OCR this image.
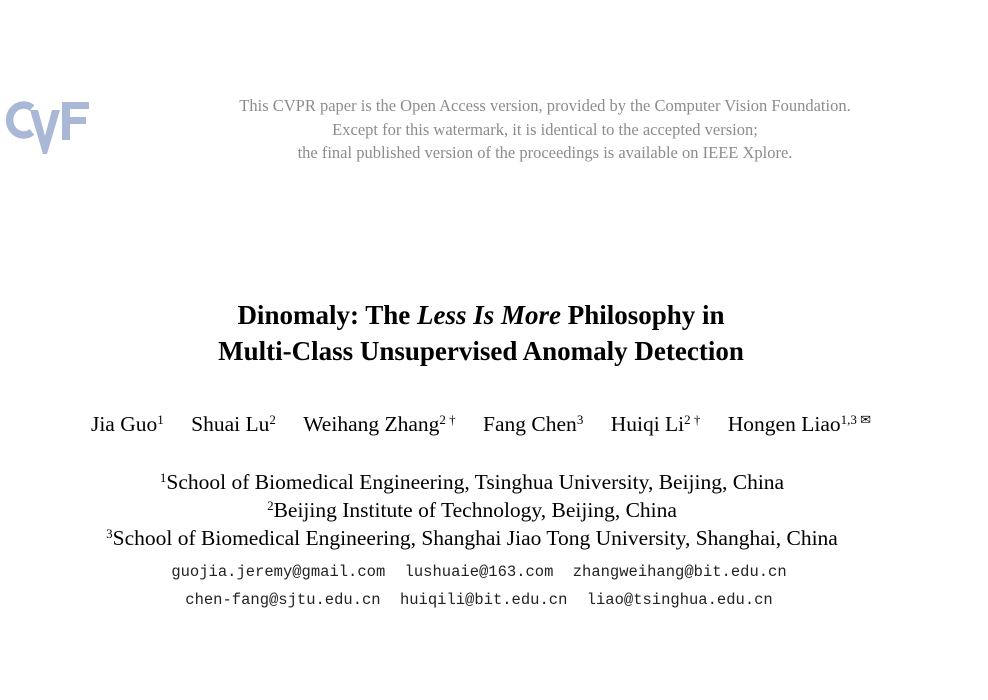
This CVPR paper is the Open Access version, provided by the Computer Vision Foundation.
Except for this watermark, it is identical to the accepted version;
the final published version of the proceedings is available on IEEE Xplore.
Dinomaly: The Less Is More Philosophy in
Multi-Class Unsupervised Anomaly Detection
Jia Guo$^1$ Shuai Lu$^2$ Weihang Zhang$^{2 \dagger}$ Fang Chen$^3$ Huiqi $Li^{2 \dagger}$ Hongen Liao$^{1,3 ✉}$
$^1$School of Biomedical Engineering, Tsinghua University, Beijing, China
$^2$Beijing Institute of Technology, Beijing, China
$^3$School of Biomedical Engineering, Shanghai Jiao Tong University, Shanghai, China
guojia.jeremy@gmail.com lushuaie@163.com zhangweihang@bit.edu.cn
chen-fang@sjtu.edu.cn huiqili@bit.edu.cn liao@tsinghua.edu.cn
